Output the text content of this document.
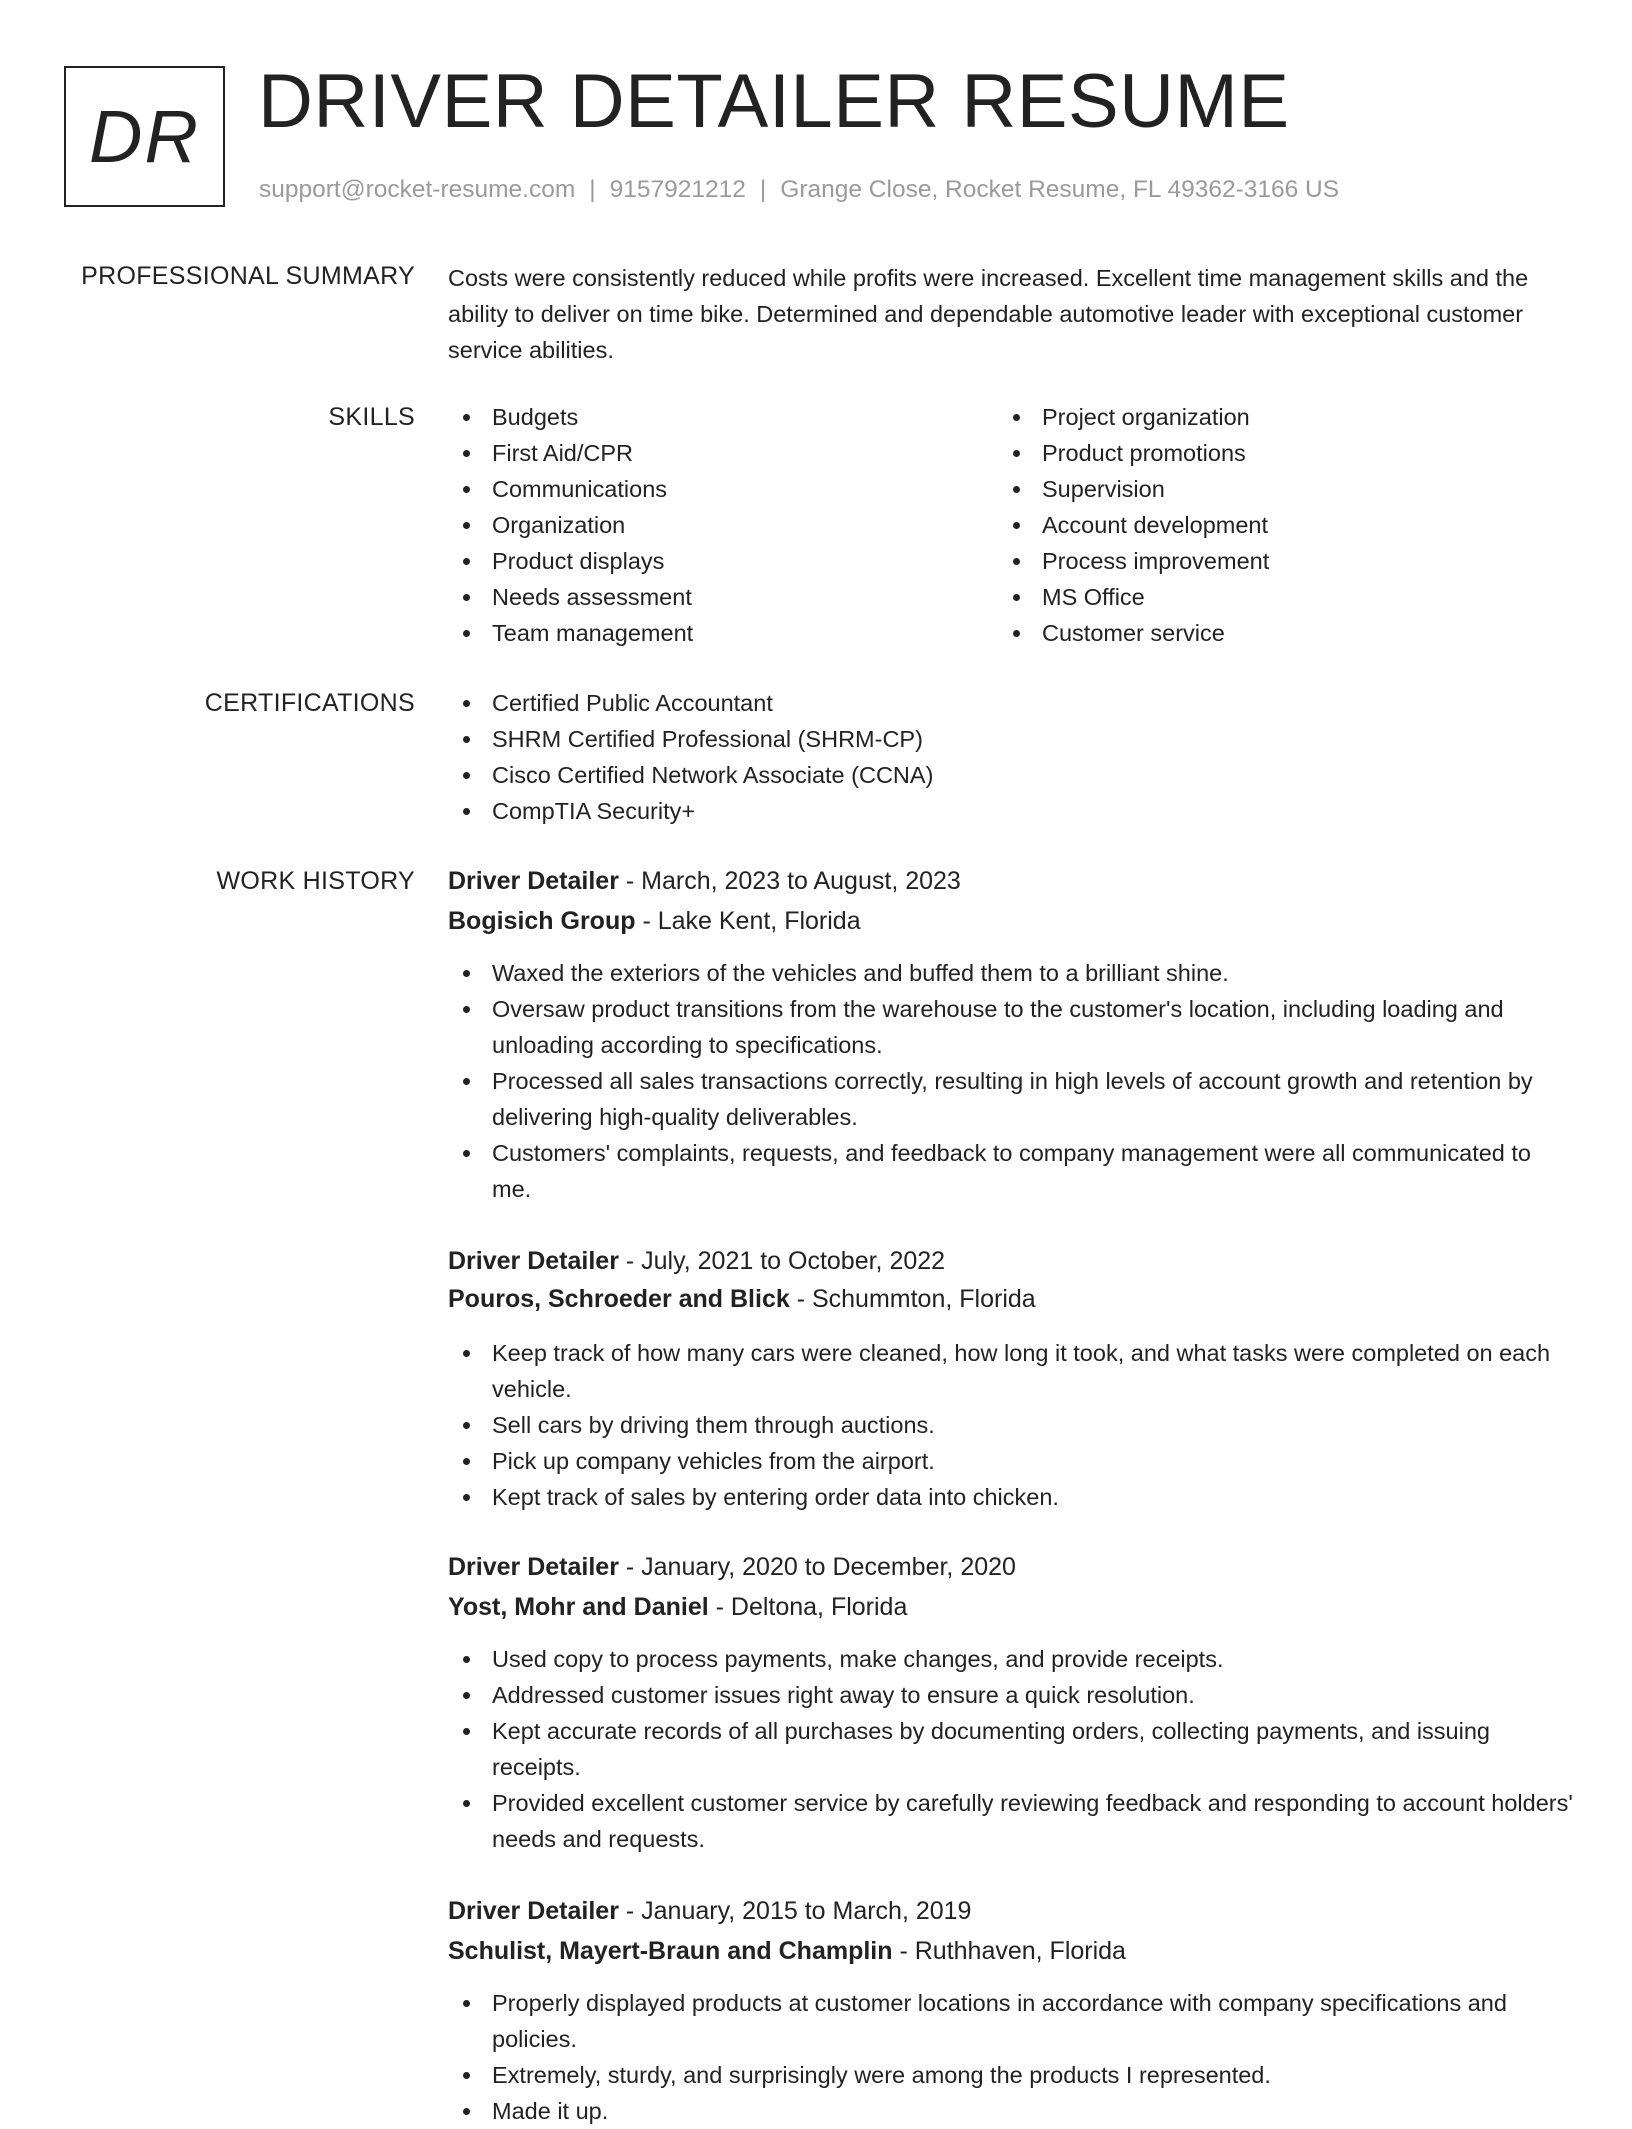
DR DRIVER DETAILER RESUME
support@rocket-resume.com | 9157921212 | Grange Close, Rocket Resume, FL 49362-3166 US
PROFESSIONAL SUMMARY Costs were consistently reduced while profits were increased. Excellent time management skills and the ability to deliver on time bike. Determined and dependable automotive leader with exceptional customer service abilities.

SKILLS	Budgets
First Aid/CPR
Communications
Organization
Product displays
Needs assessment
Team management
Project organization
Product promotions
Supervision
Account development
Process improvement
MS Office
Customer service
CERTIFICATIONS	Certified Public Accountant
SHRM Certified Professional (SHRM-CP)
Cisco Certified Network Associate (CCNA)
CompTIA Security+
WORK HISTORY Driver Detailer - March, 2023 to August, 2023
Bogisich Group - Lake Kent, Florida
Waxed the exteriors of the vehicles and buffed them to a brilliant shine.
Oversaw product transitions from the warehouse to the customer's location, including loading and unloading according to specifications.
Processed all sales transactions correctly, resulting in high levels of account growth and retention by delivering high-quality deliverables.
Customers' complaints, requests, and feedback to company management were all communicated to me.
Driver Detailer - July, 2021 to October, 2022
Pouros, Schroeder and Blick - Schummton, Florida
Keep track of how many cars were cleaned, how long it took, and what tasks were completed on each vehicle.
Sell cars by driving them through auctions.
Pick up company vehicles from the airport.
Kept track of sales by entering order data into chicken.
Driver Detailer - January, 2020 to December, 2020
Yost, Mohr and Daniel - Deltona, Florida
Used copy to process payments, make changes, and provide receipts.
Addressed customer issues right away to ensure a quick resolution.
Kept accurate records of all purchases by documenting orders, collecting payments, and issuing receipts.
Provided excellent customer service by carefully reviewing feedback and responding to account holders' needs and requests.
Driver Detailer - January, 2015 to March, 2019
Schulist, Mayert-Braun and Champlin - Ruthhaven, Florida
Properly displayed products at customer locations in accordance with company specifications and policies.
Extremely, sturdy, and surprisingly were among the products I represented.
Made it up.
